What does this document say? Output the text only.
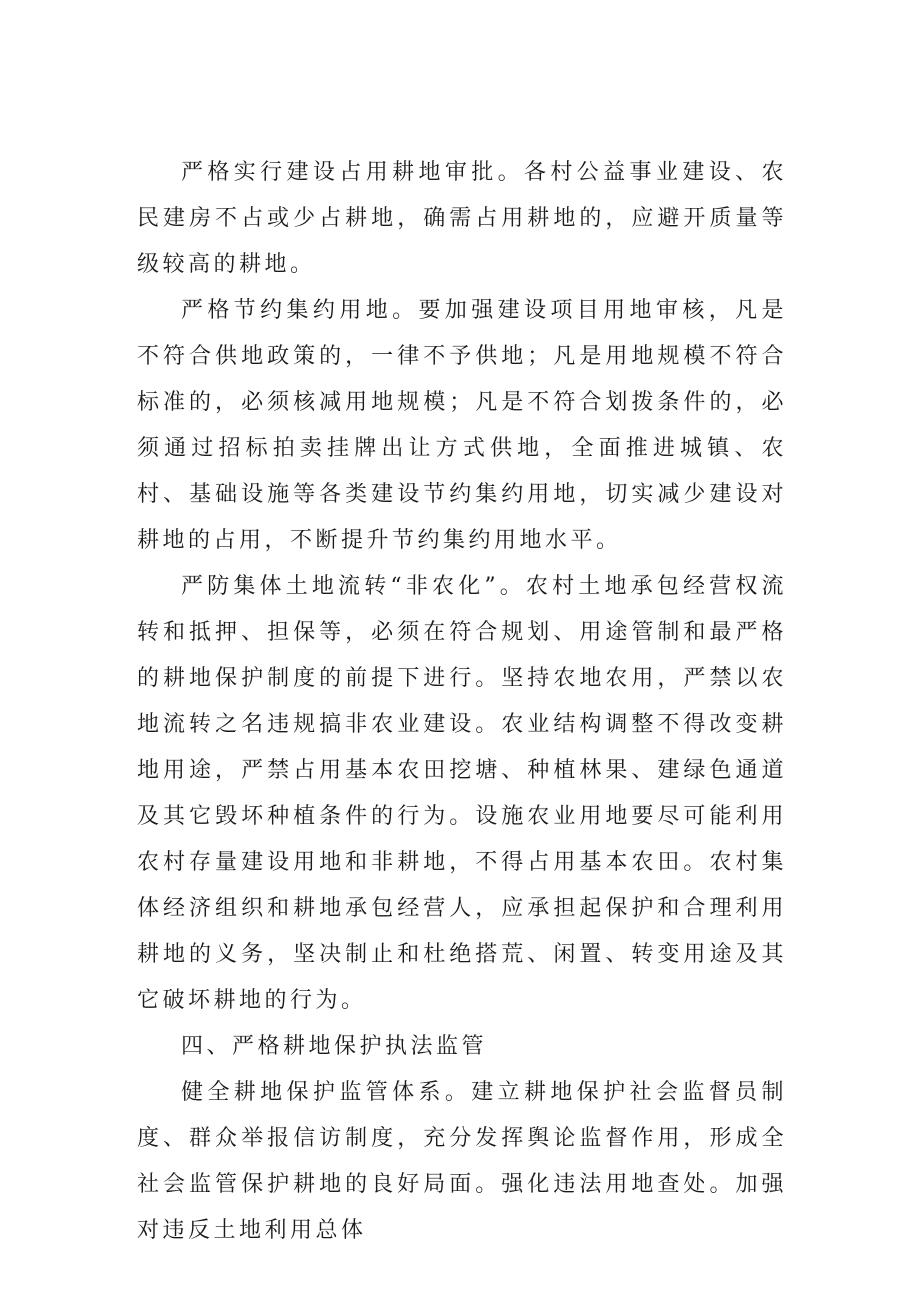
严格实行建设占用耕地审批。各村公益事业建设、农民建房不占或少占耕地，确需占用耕地的，应避开质量等级较高的耕地。

严格节约集约用地。要加强建设项目用地审核，凡是不符合供地政策的，一律不予供地；凡是用地规模不符合标准的，必须核减用地规模；凡是不符合划拨条件的，必须通过招标拍卖挂牌出让方式供地，全面推进城镇、农村、基础设施等各类建设节约集约用地，切实减少建设对耕地的占用，不断提升节约集约用地水平。

严防集体土地流转“非农化”。农村土地承包经营权流转和抵押、担保等，必须在符合规划、用途管制和最严格的耕地保护制度的前提下进行。坚持农地农用，严禁以农地流转之名违规搞非农业建设。农业结构调整不得改变耕地用途，严禁占用基本农田挖塘、种植林果、建绿色通道及其它毁坏种植条件的行为。设施农业用地要尽可能利用农村存量建设用地和非耕地，不得占用基本农田。农村集体经济组织和耕地承包经营人，应承担起保护和合理利用耕地的义务，坚决制止和杜绝搭荒、闲置、转变用途及其它破坏耕地的行为。

四、严格耕地保护执法监管

健全耕地保护监管体系。建立耕地保护社会监督员制度、群众举报信访制度，充分发挥舆论监督作用，形成全社会监管保护耕地的良好局面。强化违法用地查处。加强对违反土地利用总体
